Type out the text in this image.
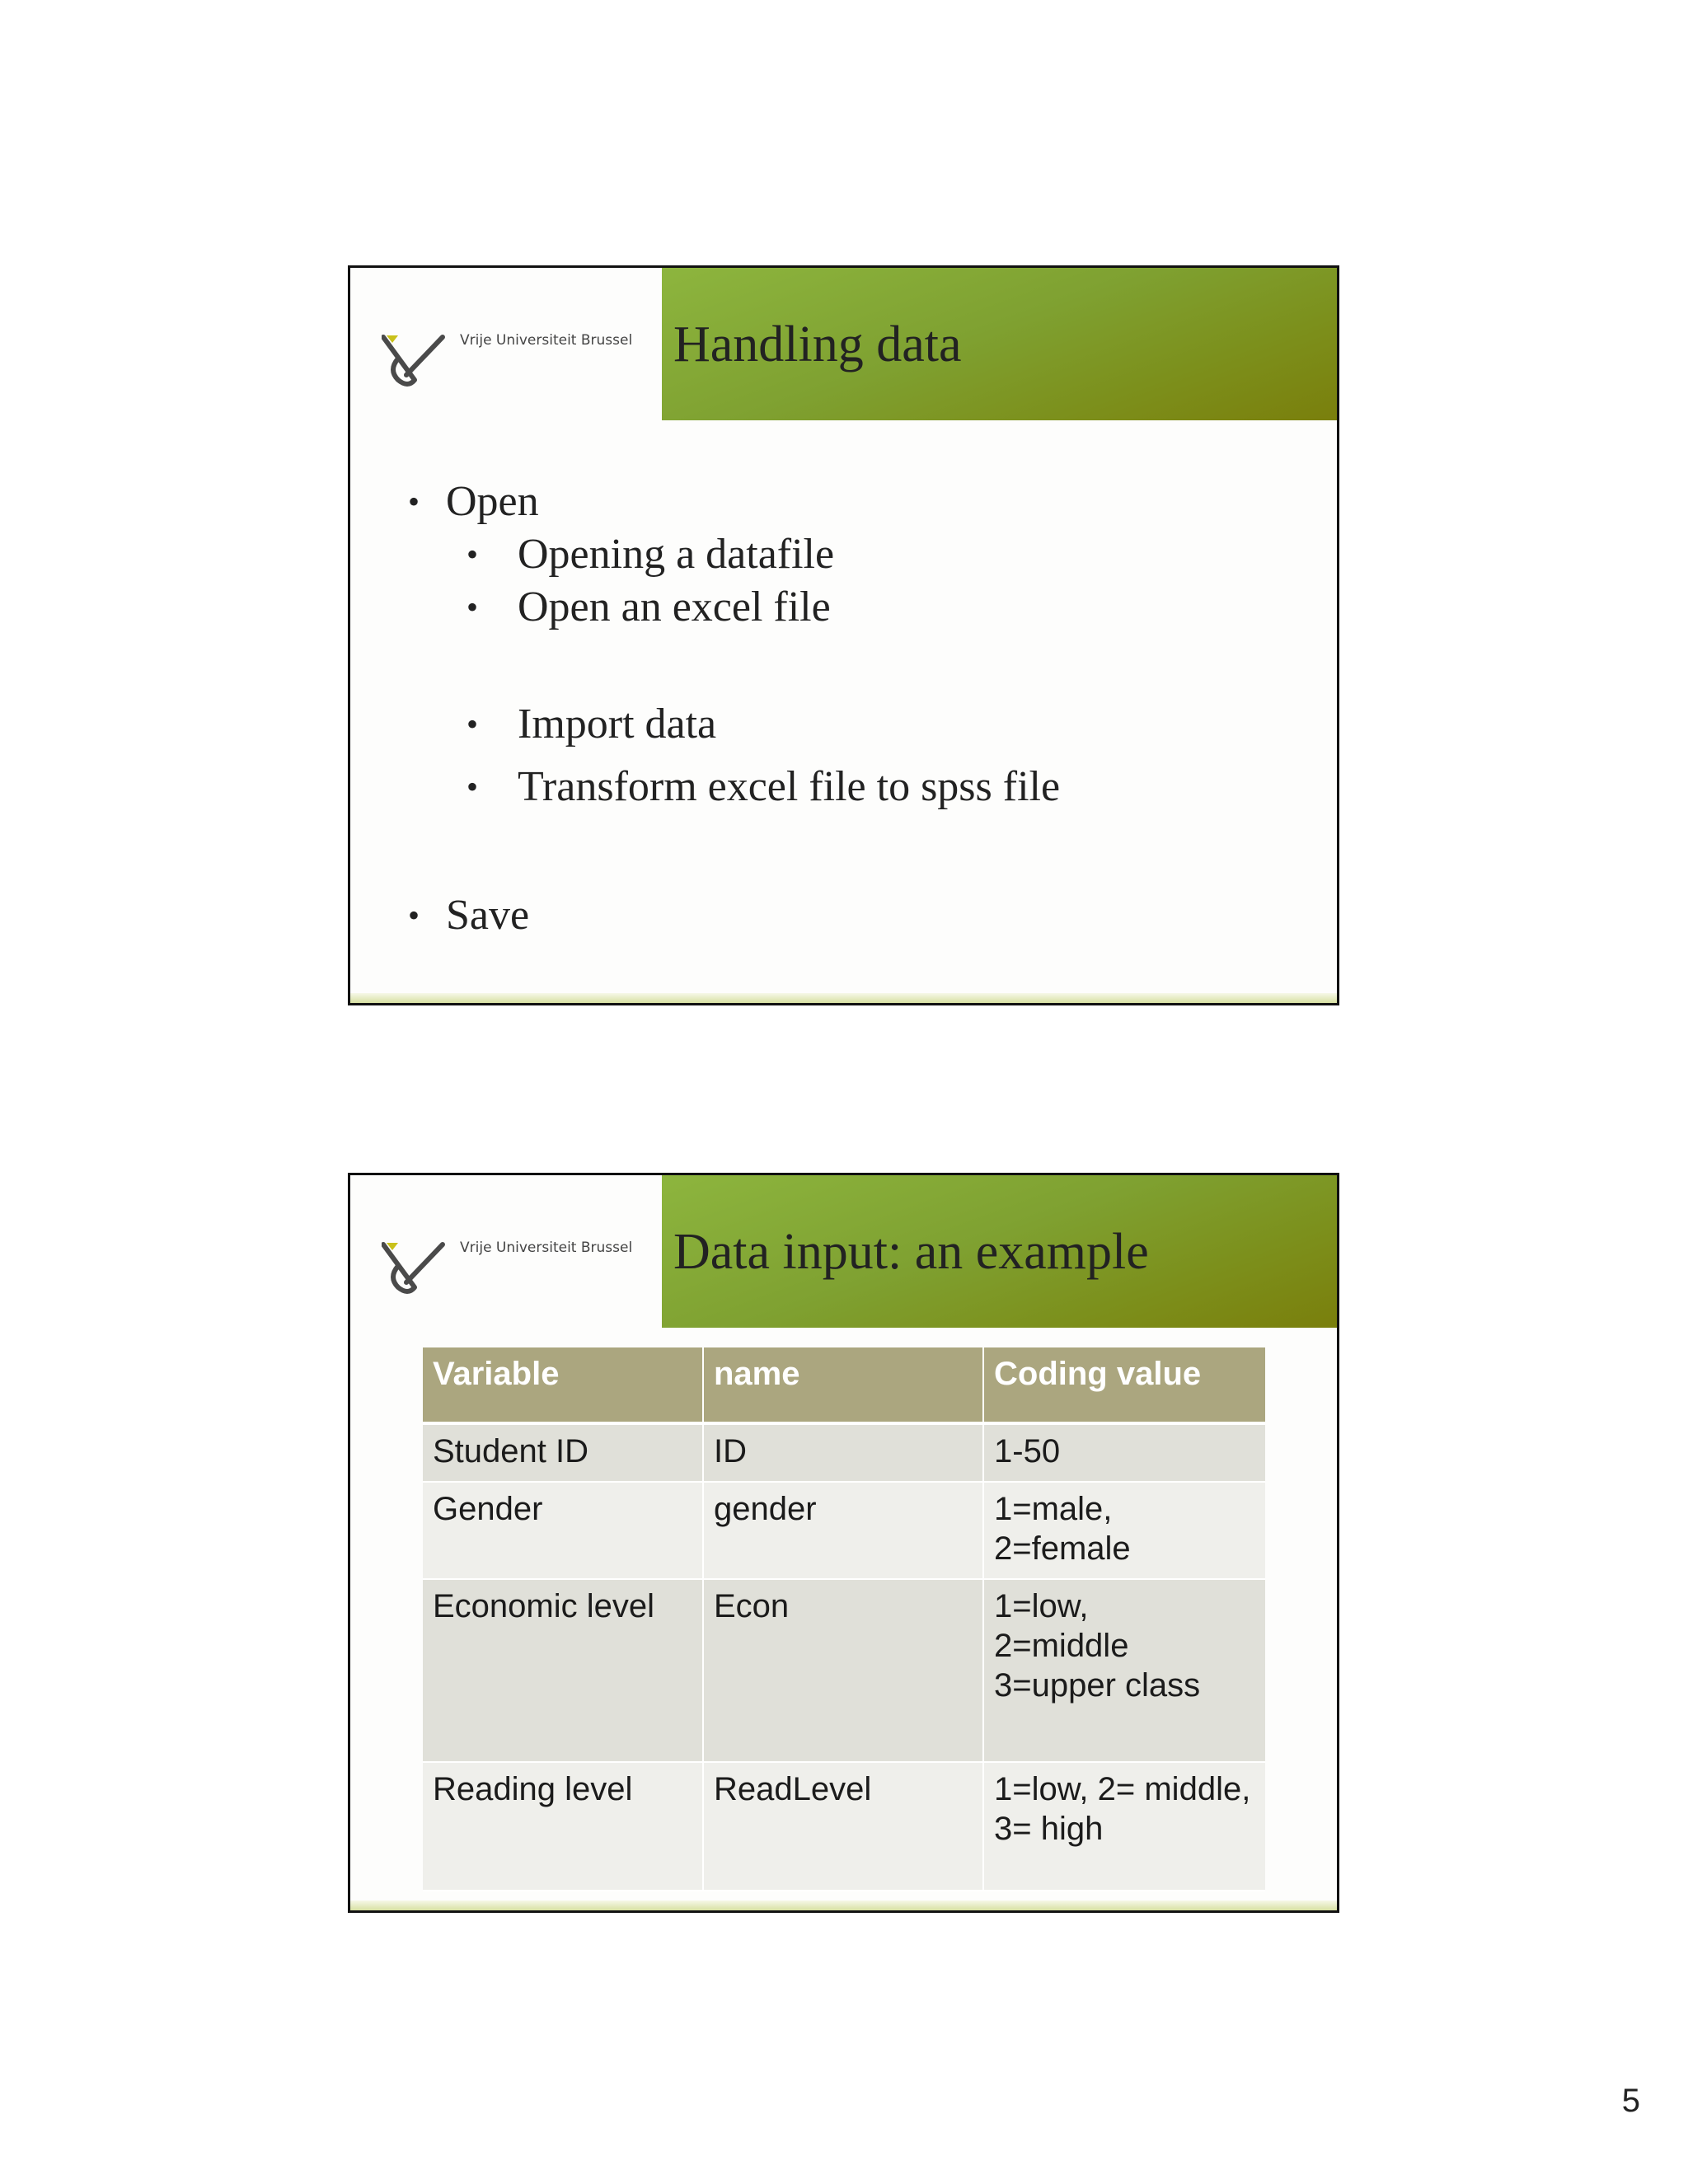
Vrije Universiteit Brussel Handling data
• Open
• Opening a datafile
• Open an excel file
• Import data
• Transform excel file to spss file
• Save
Vrije Universiteit Brussel Data input: an example
Variable	name	Coding value
Student ID	ID	1-50
Gender	gender	1=male,
2=female
Economic level	Econ	1=low,
2=middle
3=upper class
Reading level	ReadLevel	1=low, 2= middle,
3= high
5
